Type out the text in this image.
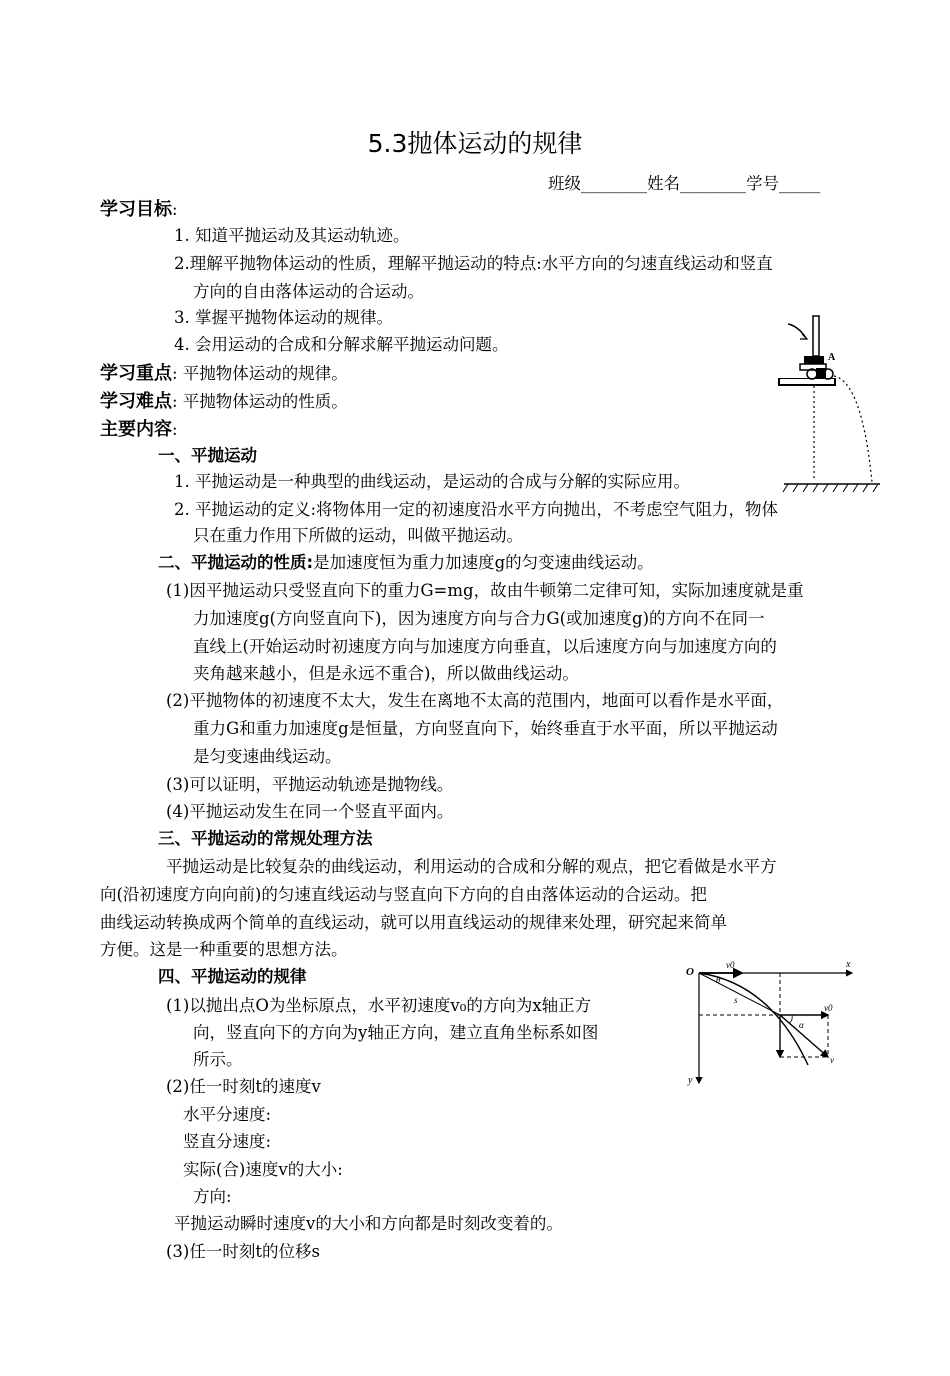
5.3抛体运动的规律
班级________姓名________学号_____
学习目标:
1. 知道平抛运动及其运动轨迹。
2.理解平抛物体运动的性质，理解平抛运动的特点:水平方向的匀速直线运动和竖直
方向的自由落体运动的合运动。
3. 掌握平抛物体运动的规律。
4. 会用运动的合成和分解求解平抛运动问题。
学习重点: 平抛物体运动的规律。
学习难点: 平抛物体运动的性质。
主要内容:
一、平抛运动
1. 平抛运动是一种典型的曲线运动，是运动的合成与分解的实际应用。
2. 平抛运动的定义:将物体用一定的初速度沿水平方向抛出，不考虑空气阻力，物体
只在重力作用下所做的运动，叫做平抛运动。
二、平抛运动的性质:是加速度恒为重力加速度g的匀变速曲线运动。
(1)因平抛运动只受竖直向下的重力G=mg，故由牛顿第二定律可知，实际加速度就是重
力加速度g(方向竖直向下)，因为速度方向与合力G(或加速度g)的方向不在同一
直线上(开始运动时初速度方向与加速度方向垂直，以后速度方向与加速度方向的
夹角越来越小，但是永远不重合)，所以做曲线运动。
(2)平抛物体的初速度不太大，发生在离地不太高的范围内，地面可以看作是水平面，
重力G和重力加速度g是恒量，方向竖直向下，始终垂直于水平面，所以平抛运动
是匀变速曲线运动。
(3)可以证明，平抛运动轨迹是抛物线。
(4)平抛运动发生在同一个竖直平面内。
三、平抛运动的常规处理方法
平抛运动是比较复杂的曲线运动，利用运动的合成和分解的观点，把它看做是水平方
向(沿初速度方向向前)的匀速直线运动与竖直向下方向的自由落体运动的合运动。把
曲线运动转换成两个简单的直线运动，就可以用直线运动的规律来处理，研究起来简单
方便。这是一种重要的思想方法。
四、平抛运动的规律
(1)以抛出点O为坐标原点，水平初速度v₀的方向为x轴正方
向，竖直向下的方向为y轴正方向，建立直角坐标系如图
所示。
(2)任一时刻t的速度v
水平分速度:
竖直分速度:
实际(合)速度v的大小:
方向:
平抛运动瞬时速度v的大小和方向都是时刻改变着的。
(3)任一时刻t的位移s
A
O
x
y
v0
v0
θ
s
α
v
